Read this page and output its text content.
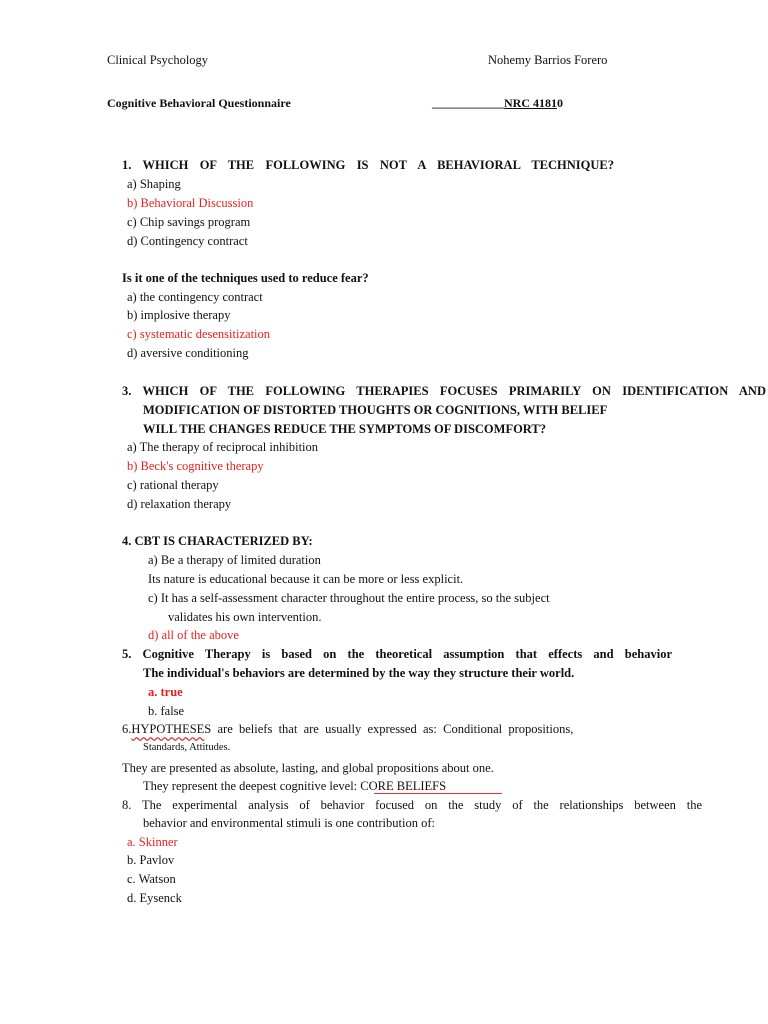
Clinical Psychology	Nohemy Barrios Forero
Cognitive Behavioral Questionnaire	____________NRC 41810
1. WHICH OF THE FOLLOWING IS NOT A BEHAVIORAL TECHNIQUE?
a) Shaping
b) Behavioral Discussion
c) Chip savings program
d) Contingency contract
Is it one of the techniques used to reduce fear?
a) the contingency contract
b) implosive therapy
c) systematic desensitization
d) aversive conditioning
3. WHICH OF THE FOLLOWING THERAPIES FOCUSES PRIMARILY ON IDENTIFICATION AND
MODIFICATION OF DISTORTED THOUGHTS OR COGNITIONS, WITH BELIEF
WILL THE CHANGES REDUCE THE SYMPTOMS OF DISCOMFORT?
a) The therapy of reciprocal inhibition
b) Beck's cognitive therapy
c) rational therapy
d) relaxation therapy
4. CBT IS CHARACTERIZED BY:
a) Be a therapy of limited duration
Its nature is educational because it can be more or less explicit.
c) It has a self-assessment character throughout the entire process, so the subject
validates his own intervention.
d) all of the above
5. Cognitive Therapy is based on the theoretical assumption that effects and behavior
The individual's behaviors are determined by the way they structure their world.
a. true
b. false
6.HYPOTHESES  are  beliefs  that  are  usually  expressed  as:  Conditional  propositions,
Standards, Attitudes.
They are presented as absolute, lasting, and global propositions about one.
They represent the deepest cognitive level: CORE BELIEFS
8. The experimental analysis of behavior focused on the study of the relationships between the
behavior and environmental stimuli is one contribution of:
a. Skinner
b. Pavlov
c. Watson
d. Eysenck
